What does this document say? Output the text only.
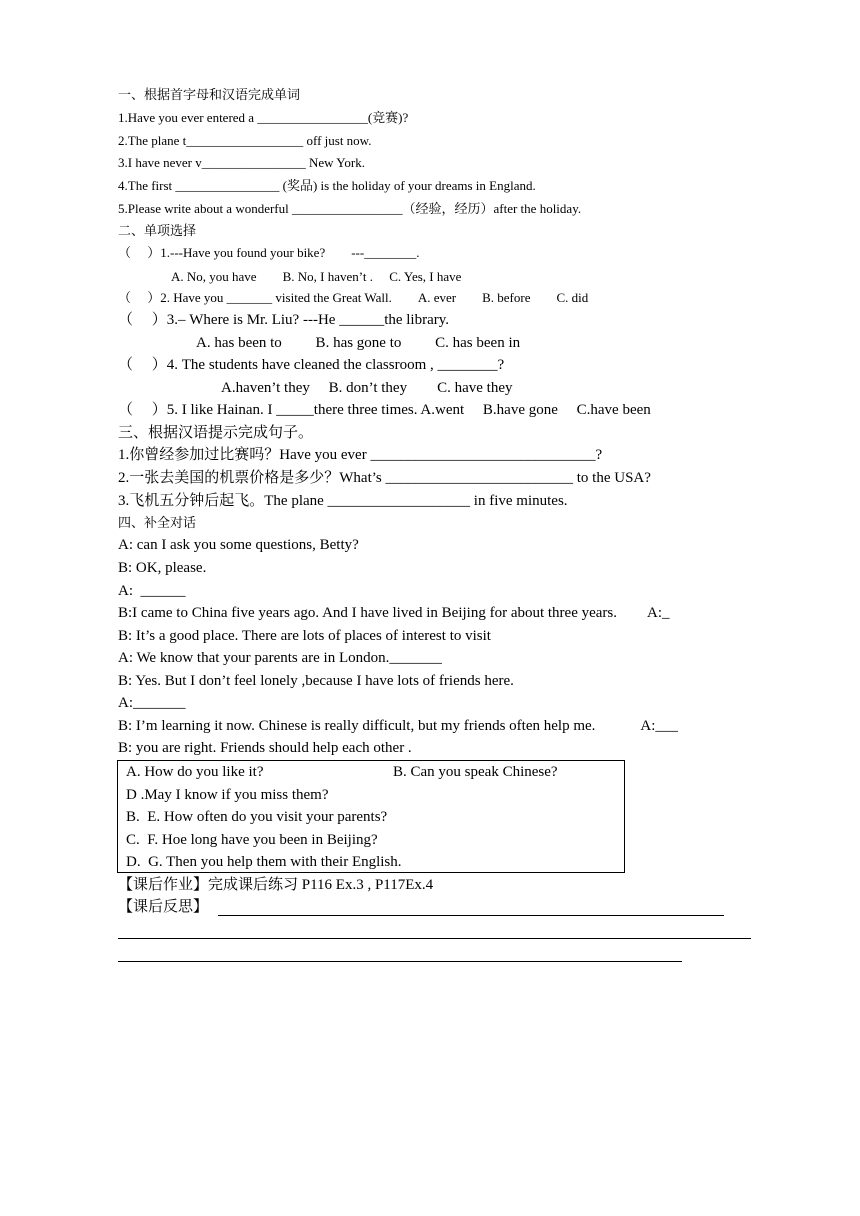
一、根据首字母和汉语完成单词
1.Have you ever entered a _________________(竞赛)?
2.The plane t__________________ off just now.
3.I have never v________________ New York.
4.The first ________________ (奖品) is the holiday of your dreams in England.
5.Please write about a wonderful _________________（经验，经历）after the holiday.
二、单项选择
（　 ）1.---Have you found your bike?　　---________.
A. No, you have　　B. No, I haven’t .　 C. Yes, I have
（　 ）2. Have you _______ visited the Great Wall.　　A. ever　　B. before　　C. did
（　 ）3.– Where is Mr. Liu? ---He ______the library.
A. has been to　　 B. has gone to　　 C. has been in
（　 ）4. The students have cleaned the classroom , ________?
A.haven’t they　 B. don’t they　　C. have they
（　 ）5. I like Hainan. I _____there three times. A.went　 B.have gone　 C.have been
三、根据汉语提示完成句子。
1.你曾经参加过比赛吗？Have you ever ______________________________?
2.一张去美国的机票价格是多少？What’s _________________________ to the USA?
3.飞机五分钟后起飞。The plane ___________________ in five minutes.
四、补全对话
A: can I ask you some questions, Betty?
B: OK, please.
A:  ______
B:I came to China five years ago. And I have lived in Beijing for about three years.　　A:_
B: It’s a good place. There are lots of places of interest to visit
A: We know that your parents are in London._______
B: Yes. But I don’t feel lonely ,because I have lots of friends here.
A:_______
B: I’m learning it now. Chinese is really difficult, but my friends often help me.　　　A:___
B: you are right. Friends should help each other .
A. How do you like it?	B. Can you speak Chinese?
D .May I know if you miss them?
B.  E. How often do you visit your parents?
C.  F. Hoe long have you been in Beijing?
D.  G. Then you help them with their English.
【课后作业】完成课后练习 P116 Ex.3 , P117Ex.4
【课后反思】
